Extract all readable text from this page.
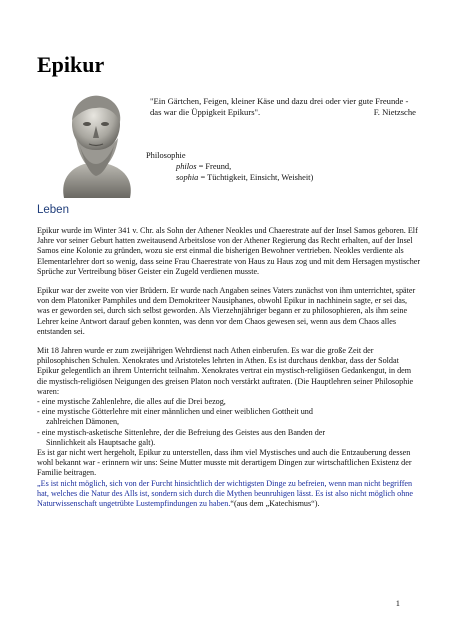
Epikur
"Ein Gärtchen, Feigen, kleiner Käse und dazu drei oder vier gute Freunde - das war die Üppigkeit Epikurs".	F. Nietzsche
Philosophie
philos = Freund,
sophia = Tüchtigkeit, Einsicht, Weisheit)
Leben

Epikur wurde im Winter 341 v. Chr. als Sohn der Athener Neokles und Chaerestrate auf der Insel Samos geboren. Elf Jahre vor seiner Geburt hatten zweitausend Arbeitslose von der Athener Regierung das Recht erhalten, auf der Insel Samos eine Kolonie zu gründen, wozu sie erst einmal die bisherigen Bewohner vertrieben. Neokles verdiente als Elementarlehrer dort so wenig, dass seine Frau Chaerestrate von Haus zu Haus zog und mit dem Hersagen mystischer Sprüche zur Vertreibung böser Geister ein Zugeld verdienen musste.

Epikur war der zweite von vier Brüdern. Er wurde nach Angaben seines Vaters zunächst von ihm unterrichtet, später von dem Platoniker Pamphiles und dem Demokriteer Nausiphanes, obwohl Epikur in nachhinein sagte, er sei das, was er geworden sei, durch sich selbst geworden. Als Vierzehnjähriger begann er zu philosophieren, als ihm seine Lehrer keine Antwort darauf geben konnten, was denn vor dem Chaos gewesen sei, wenn aus dem Chaos alles entstanden sei.

Mit 18 Jahren wurde er zum zweijährigen Wehrdienst nach Athen einberufen. Es war die große Zeit der philosophischen Schulen. Xenokrates und Aristoteles lehrten in Athen. Es ist durchaus denkbar, dass der Soldat Epikur gelegentlich an ihrem Unterricht teilnahm. Xenokrates vertrat ein mystisch-religiösen Gedankengut, in dem die mystisch-religiösen Neigungen des greisen Platon noch verstärkt auftraten. (Die Hauptlehren seiner Philosophie waren:

- eine mystische Zahlenlehre, die alles auf die Drei bezog,
- eine mystische Götterlehre mit einer männlichen und einer weiblichen Gottheit und
zahlreichen Dämonen,
- eine mystisch-asketische Sittenlehre, der die Befreiung des Geistes aus den Banden der
Sinnlichkeit als Hauptsache galt).
Es ist gar nicht wert hergeholt, Epikur zu unterstellen, dass ihm viel Mystisches und auch die Entzauberung dessen wohl bekannt war - erinnern wir uns: Seine Mutter musste mit derartigem Dingen zur wirtschaftlichen Existenz der Familie beitragen.
„Es ist nicht möglich, sich von der Furcht hinsichtlich der wichtigsten Dinge zu befreien, wenn man nicht begriffen hat, welches die Natur des Alls ist, sondern sich durch die Mythen beunruhigen lässt. Es ist also nicht möglich ohne Naturwissenschaft ungetrübte Lustempfindungen zu haben.“(aus dem „Katechismus“).
1
